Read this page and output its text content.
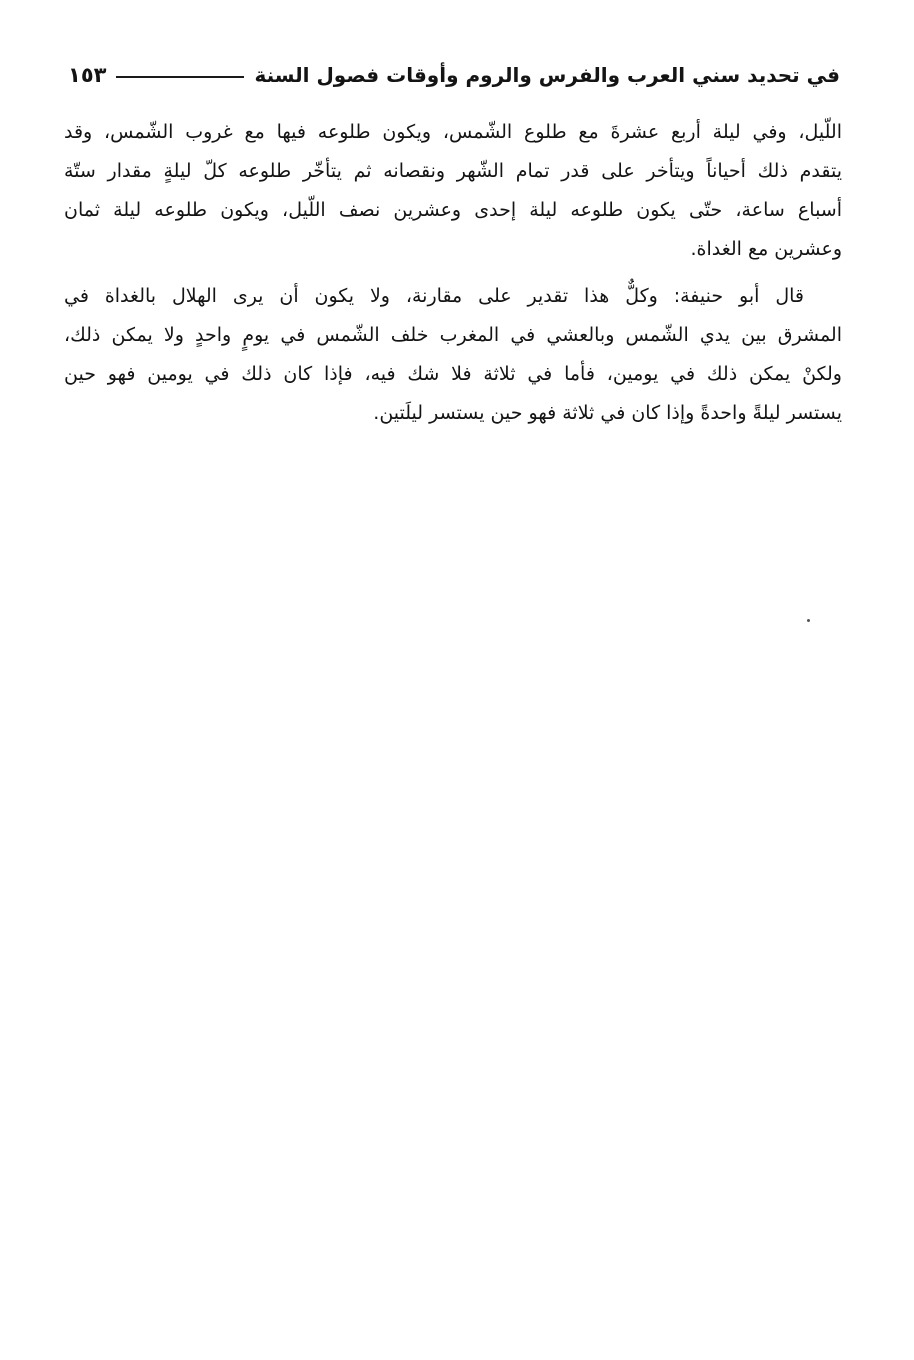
١٥٣	في تحديد سني العرب والفرس والروم وأوقات فصول السنة
اللّيل، وفي ليلة أربع عشرةَ مع طلوع الشّمس، ويكون طلوعه فيها مع غروب الشّمس، وقد
يتقدم ذلك أحياناً ويتأخر على قدر تمام الشّهر ونقصانه ثم يتأخّر طلوعه كلّ ليلةٍ مقدار ستّة
أسباع ساعة، حتّى يكون طلوعه ليلة إحدى وعشرين نصف اللّيل، ويكون طلوعه ليلة ثمان
وعشرين مع الغداة.
قال أبو حنيفة: وكلٌّ هذا تقدير على مقارنة، ولا يكون أن يرى الهلال بالغداة في
المشرق بين يدي الشّمس وبالعشي في المغرب خلف الشّمس في يومٍ واحدٍ ولا يمكن ذلك،
ولكنْ يمكن ذلك في يومين، فأما في ثلاثة فلا شك فيه، فإذا كان ذلك في يومين فهو حين
يستسر ليلةً واحدةً وإذا كان في ثلاثة فهو حين يستسر ليلَتين.
